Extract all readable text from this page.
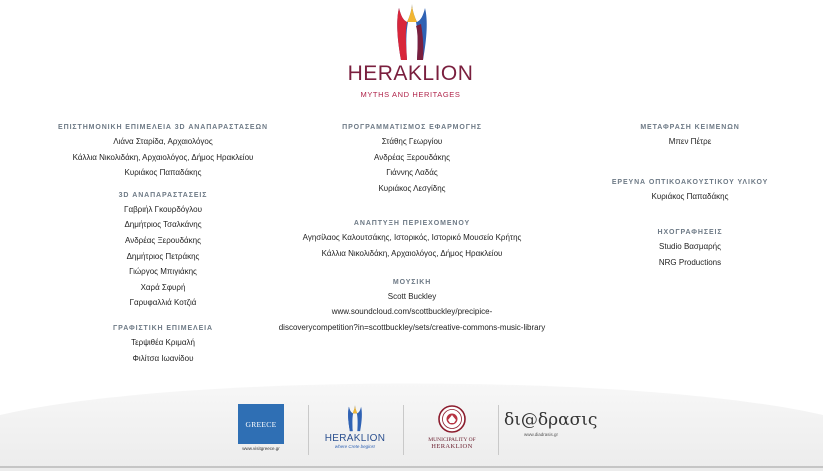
HERAKLION
MYTHS AND HERITAGES
ΕΠΙΣΤΗΜΟΝΙΚΗ ΕΠΙΜΕΛΕΙΑ 3D ΑΝΑΠΑΡΑΣΤΑΣΕΩΝ
Λιάνα Σταρίδα, Αρχαιολόγος
Κάλλια Νικολιδάκη, Αρχαιολόγος, Δήμος Ηρακλείου
Κυριάκος Παπαδάκης
3D ΑΝΑΠΑΡΑΣΤΑΣΕΙΣ
Γαβριήλ Γκουρδόγλου
Δημήτριος Τσαλκάνης
Ανδρέας Ξερουδάκης
Δημήτριος Πετράκης
Γιώργος Μπιγιάκης
Χαρά Σφυρή
Γαρυφαλλιά Κοτζιά
ΓΡΑΦΙΣΤΙΚΗ ΕΠΙΜΕΛΕΙΑ
Τερψιθέα Κριμαλή
Φιλίτσα Ιωανίδου
ΠΡΟΓΡΑΜΜΑΤΙΣΜΟΣ ΕΦΑΡΜΟΓΗΣ
Στάθης Γεωργίου
Ανδρέας Ξερουδάκης
Γιάννης Λαδάς
Κυριάκος Λεσγίδης
ΑΝΑΠΤΥΞΗ ΠΕΡΙΕΧΟΜΕΝΟΥ
Αγησίλαος Καλουτσάκης, Ιστορικός, Ιστορικό Μουσείο Κρήτης
Κάλλια Νικολιδάκη, Αρχαιολόγος, Δήμος Ηρακλείου
ΜΟΥΣΙΚΗ
Scott Buckley
www.soundcloud.com/scottbuckley/precipice-
discoverycompetition?in=scottbuckley/sets/creative-commons-music-library
ΜΕΤΑΦΡΑΣΗ ΚΕΙΜΕΝΩΝ
Μπεν Πέτρε
ΕΡΕΥΝΑ ΟΠΤΙΚΟΑΚΟΥΣΤΙΚΟΥ ΥΛΙΚΟΥ
Κυριάκος Παπαδάκης
ΗΧΟΓΡΑΦΗΣΕΙΣ
Studio Βασμαρής
NRG Productions
GREECE
www.visitgreece.gr
HERAKLION
where Crete begins!
MUNICIPALITY OF
HERAKLION
δι@δρασις
www.diadrasis.gr
